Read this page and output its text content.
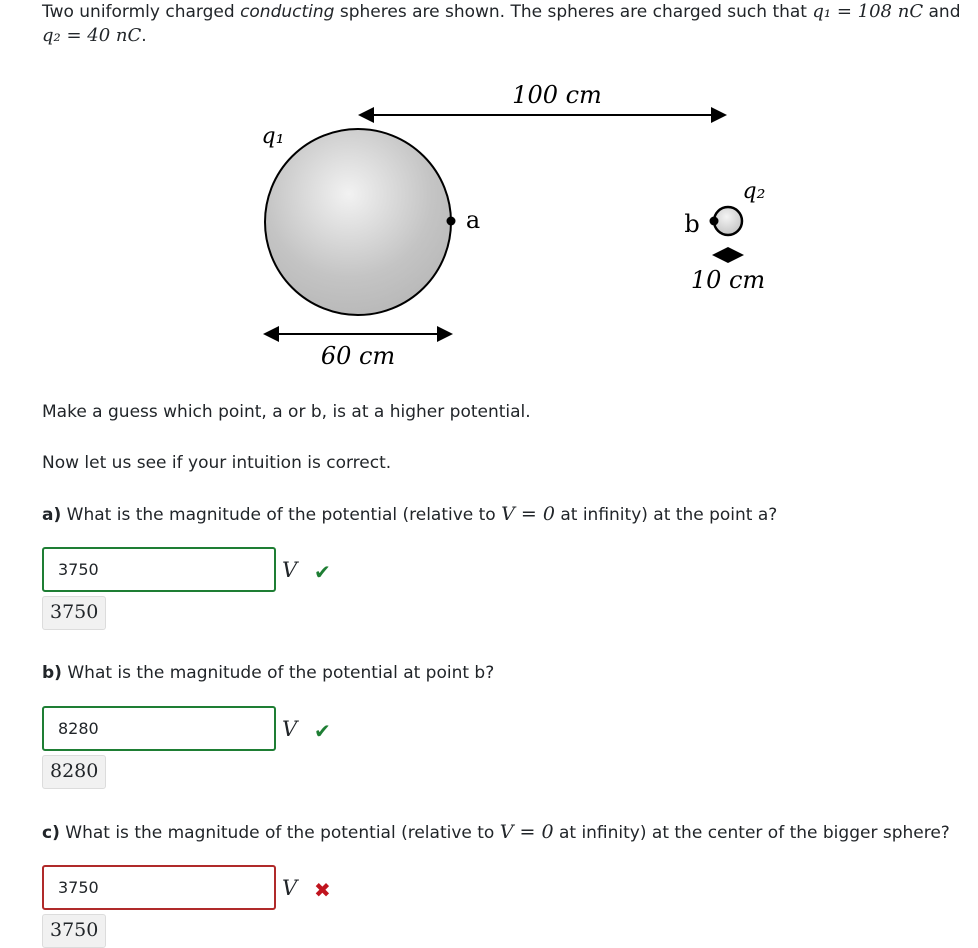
Two uniformly charged conducting spheres are shown. The spheres are charged such that q₁ = 108 nC and
q₂ = 40 nC.
100 cm
q₁
a
60 cm
b
q₂
10 cm
Make a guess which point, a or b, is at a higher potential.
Now let us see if your intuition is correct.
a) What is the magnitude of the potential (relative to V = 0 at infinity) at the point a?
3750
V ✔
3750
b) What is the magnitude of the potential at point b?
8280
V ✔
8280
c) What is the magnitude of the potential (relative to V = 0 at infinity) at the center of the bigger sphere?
3750
V ✖
3750
